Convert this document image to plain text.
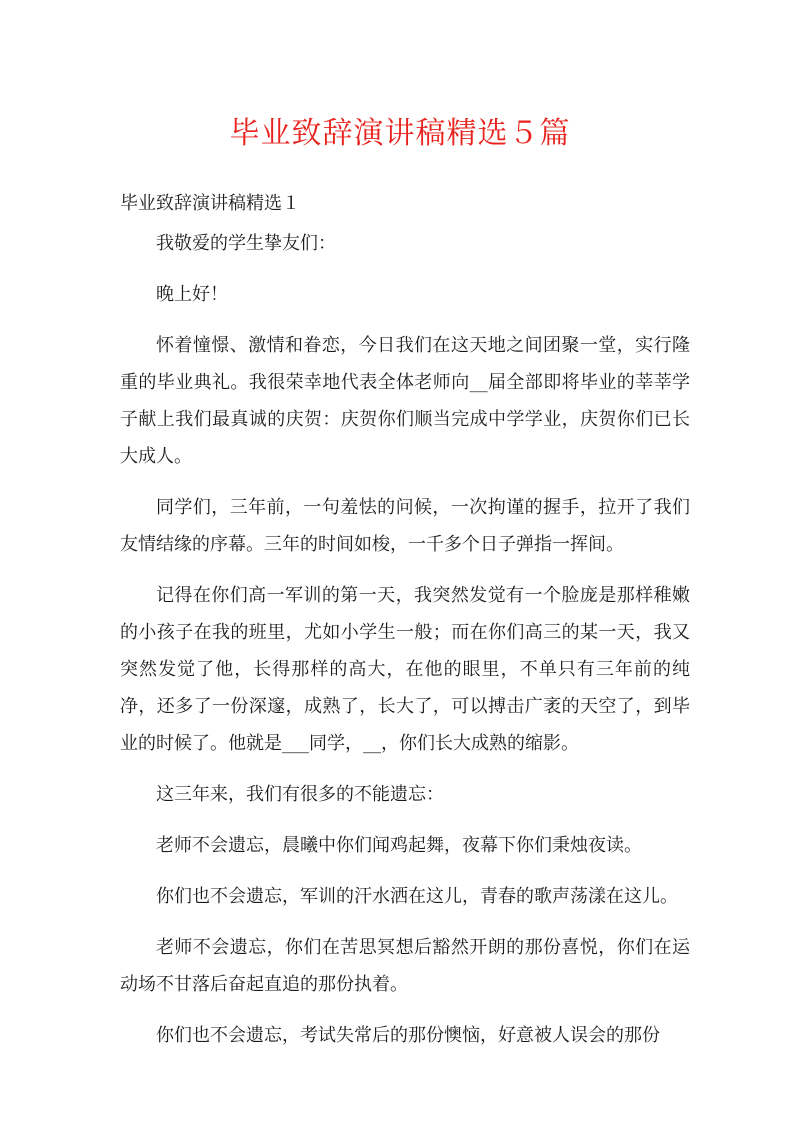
毕业致辞演讲稿精选５篇
毕业致辞演讲稿精选１

我敬爱的学生挚友们：

晚上好！

怀着憧憬、激情和眷恋，今日我们在这天地之间团聚一堂，实行隆重的毕业典礼。我很荣幸地代表全体老师向__届全部即将毕业的莘莘学子献上我们最真诚的庆贺：庆贺你们顺当完成中学学业，庆贺你们已长大成人。

同学们，三年前，一句羞怯的问候，一次拘谨的握手，拉开了我们友情结缘的序幕。三年的时间如梭，一千多个日子弹指一挥间。

记得在你们高一军训的第一天，我突然发觉有一个脸庞是那样稚嫩的小孩子在我的班里，尤如小学生一般；而在你们高三的某一天，我又突然发觉了他，长得那样的高大，在他的眼里，不单只有三年前的纯净，还多了一份深邃，成熟了，长大了，可以搏击广袤的天空了，到毕业的时候了。他就是___同学，__，你们长大成熟的缩影。

这三年来，我们有很多的不能遗忘：

老师不会遗忘，晨曦中你们闻鸡起舞，夜幕下你们秉烛夜读。

你们也不会遗忘，军训的汗水洒在这儿，青春的歌声荡漾在这儿。

老师不会遗忘，你们在苦思冥想后豁然开朗的那份喜悦，你们在运动场不甘落后奋起直追的那份执着。

你们也不会遗忘，考试失常后的那份懊恼，好意被人误会的那份
